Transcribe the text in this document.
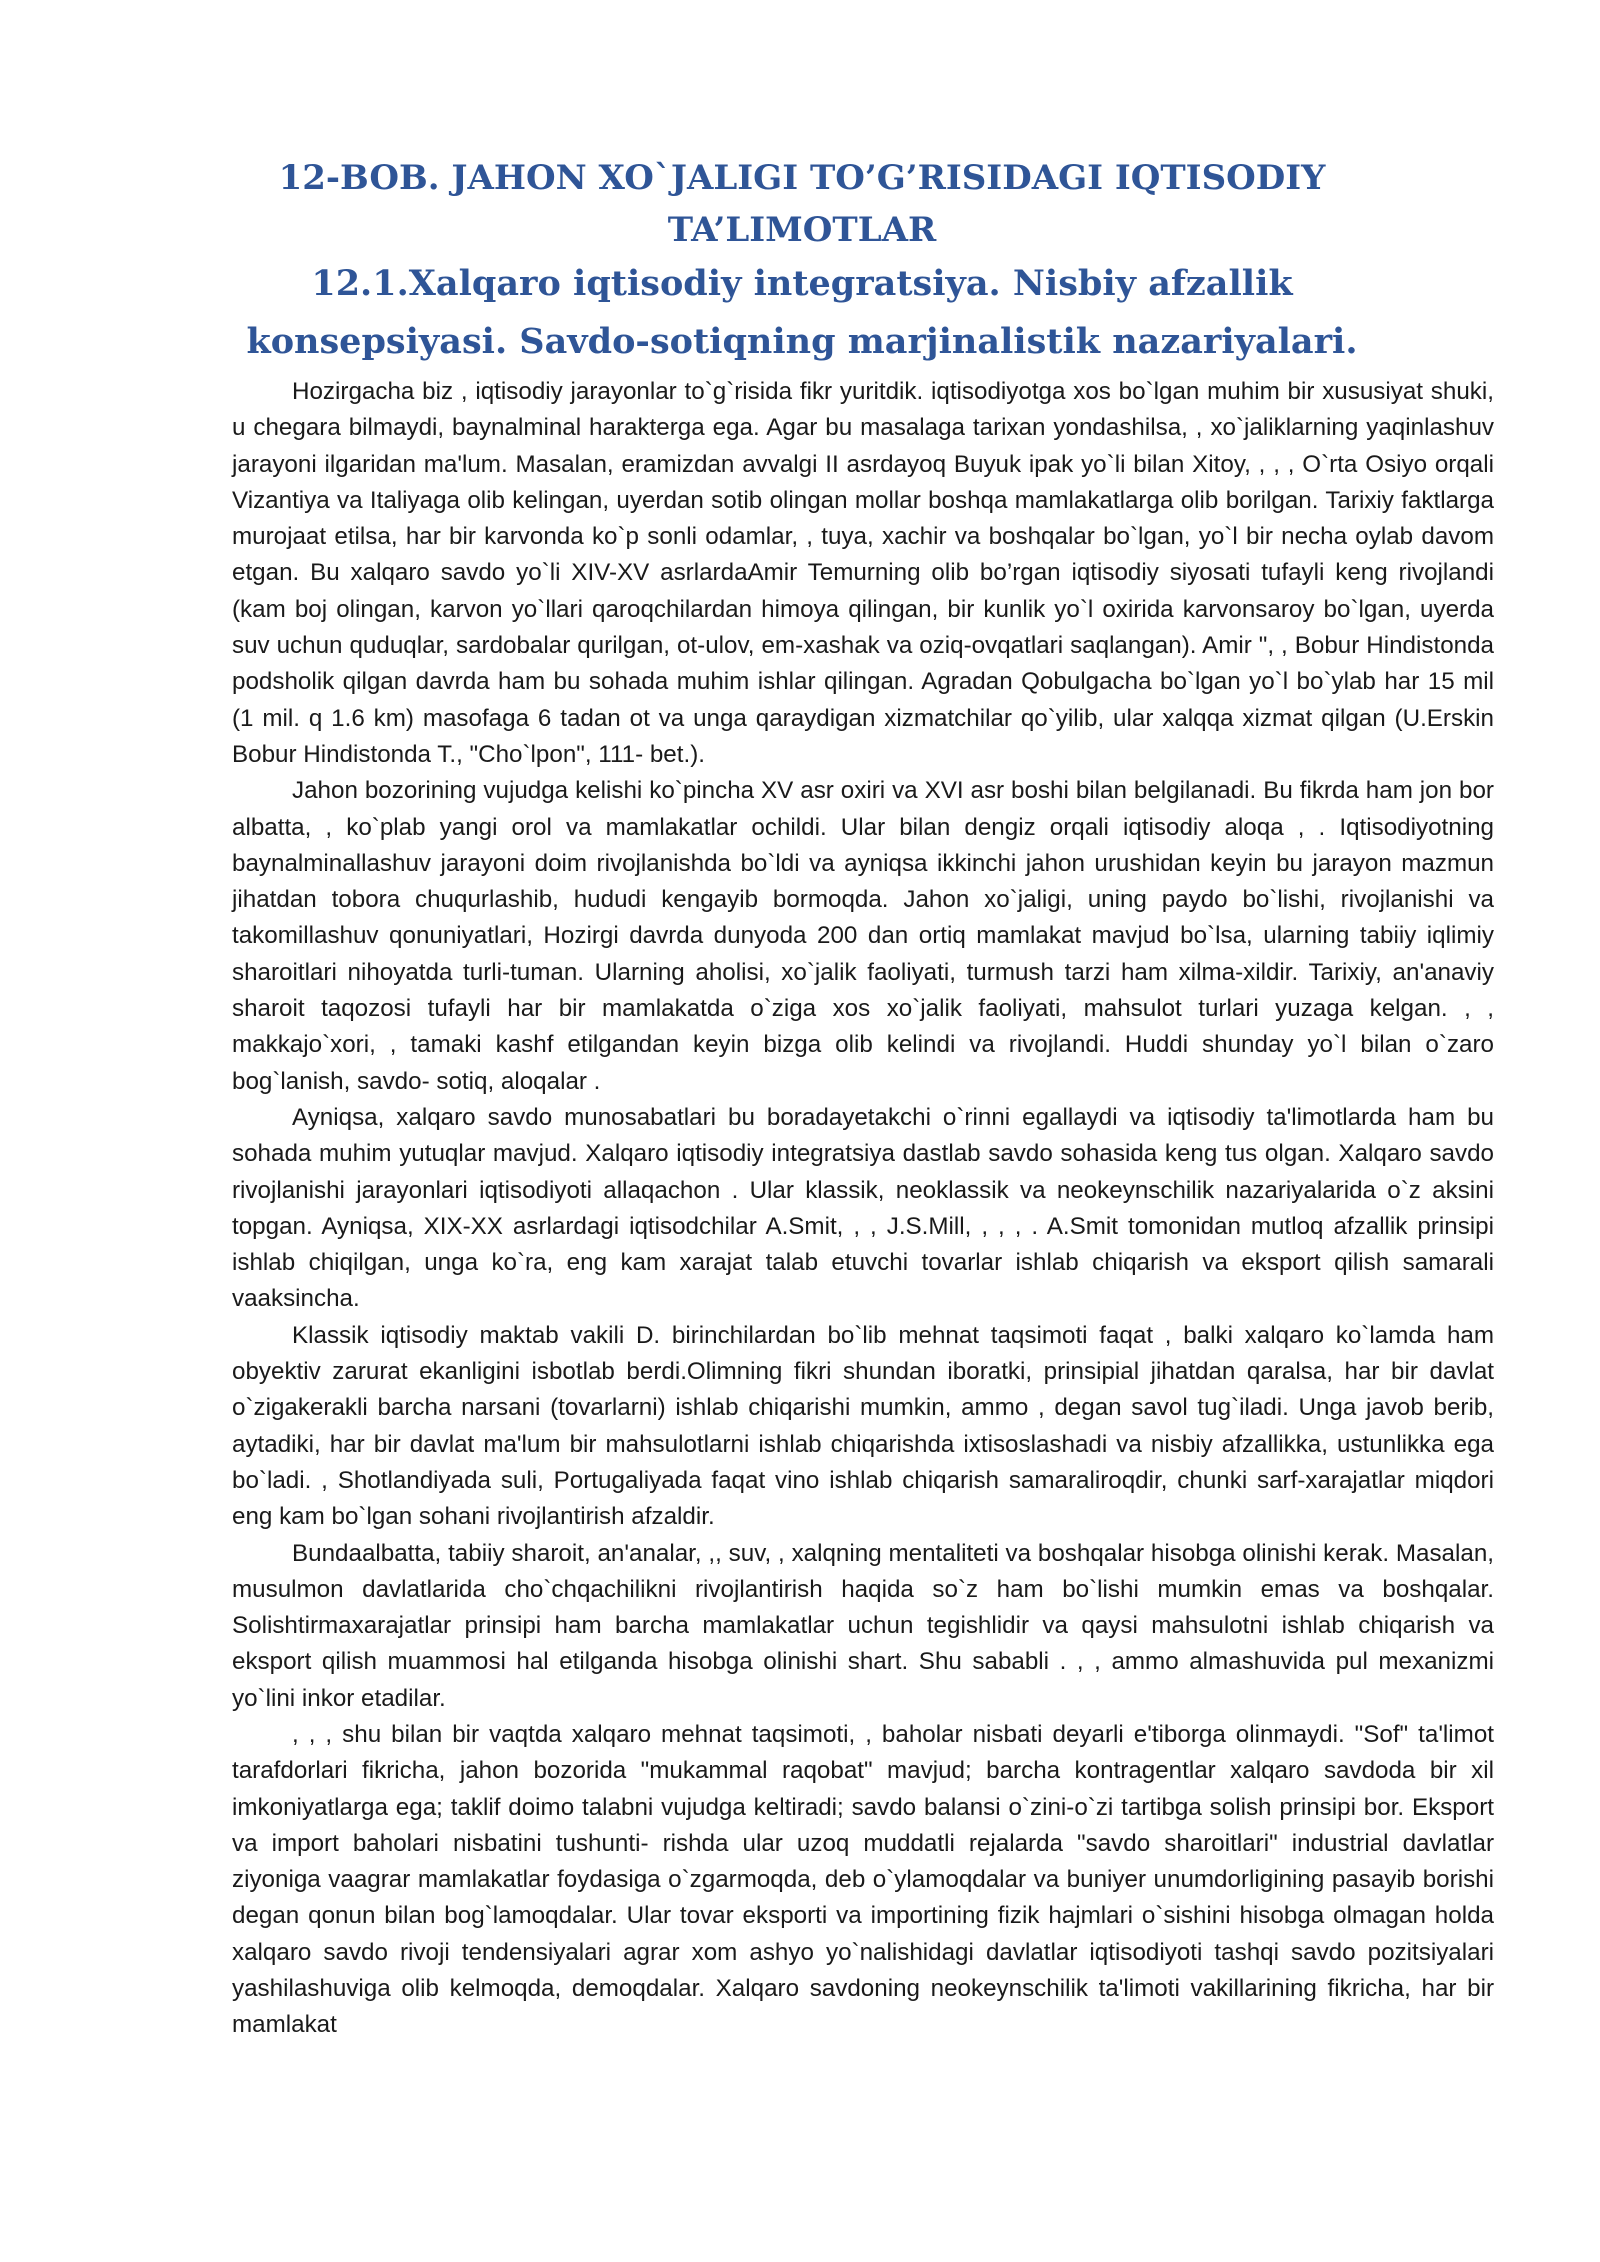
12-BOB. JAHON XO`JALIGI TO’G’RISIDAGI IQTISODIY TA’LIMOTLAR
12.1.Xalqaro iqtisodiy integratsiya. Nisbiy afzallik konsepsiyasi. Savdo-sotiqning marjinalistik nazariyalari.

Hozirgacha biz , iqtisodiy jarayonlar to`g`risida fikr yuritdik. iqtisodiyotga xos bo`lgan muhim bir xususiyat shuki, u chegara bilmaydi, baynalminal harakterga ega. Agar bu masalaga tarixan yondashilsa, , xo`jaliklarning yaqinlashuv jarayoni ilgaridan ma'lum. Masalan, eramizdan avvalgi II asrdayoq Buyuk ipak yo`li bilan Xitoy, , , , O`rta Osiyo orqali Vizantiya va Italiyaga olib kelingan, uyerdan sotib olingan mollar boshqa mamlakatlarga olib borilgan. Tarixiy faktlarga murojaat etilsa, har bir karvonda ko`p sonli odamlar, , tuya, xachir va boshqalar bo`lgan, yo`l bir necha oylab davom etgan. Bu xalqaro savdo yo`li XIV-XV asrlardaAmir Temurning olib bo’rgan iqtisodiy siyosati tufayli keng rivojlandi (kam boj olingan, karvon yo`llari qaroqchilardan himoya qilingan, bir kunlik yo`l oxirida karvonsaroy bo`lgan, uyerda suv uchun quduqlar, sardobalar qurilgan, ot-ulov, em-xashak va oziq-ovqatlari saqlangan). Amir ", , Bobur Hindistonda podsholik qilgan davrda ham bu sohada muhim ishlar qilingan. Agradan Qobulgacha bo`lgan yo`l bo`ylab har 15 mil (1 mil. q 1.6 km) masofaga 6 tadan ot va unga qaraydigan xizmatchilar qo`yilib, ular xalqqa xizmat qilgan (U.Erskin Bobur Hindistonda T., "Cho`lpon", 111- bet.).

Jahon bozorining vujudga kelishi ko`pincha XV asr oxiri va XVI asr boshi bilan belgilanadi. Bu fikrda ham jon bor albatta, , ko`plab yangi orol va mamlakatlar ochildi. Ular bilan dengiz orqali iqtisodiy aloqa , . Iqtisodiyotning baynalminallashuv jarayoni doim rivojlanishda bo`ldi va ayniqsa ikkinchi jahon urushidan keyin bu jarayon mazmun jihatdan tobora chuqurlashib, hududi kengayib bormoqda. Jahon xo`jaligi, uning paydo bo`lishi, rivojlanishi va takomillashuv qonuniyatlari, Hozirgi davrda dunyoda 200 dan ortiq mamlakat mavjud bo`lsa, ularning tabiiy iqlimiy sharoitlari nihoyatda turli-tuman. Ularning aholisi, xo`jalik faoliyati, turmush tarzi ham xilma-xildir. Tarixiy, an'anaviy sharoit taqozosi tufayli har bir mamlakatda o`ziga xos xo`jalik faoliyati, mahsulot turlari yuzaga kelgan. , , makkajo`xori, , tamaki kashf etilgandan keyin bizga olib kelindi va rivojlandi. Huddi shunday yo`l bilan o`zaro bog`lanish, savdo- sotiq, aloqalar .

Ayniqsa, xalqaro savdo munosabatlari bu boradayetakchi o`rinni egallaydi va iqtisodiy ta'limotlarda ham bu sohada muhim yutuqlar mavjud. Xalqaro iqtisodiy integratsiya dastlab savdo sohasida keng tus olgan. Xalqaro savdo rivojlanishi jarayonlari iqtisodiyoti allaqachon . Ular klassik, neoklassik va neokeynschilik nazariyalarida o`z aksini topgan. Ayniqsa, XIX-XX asrlardagi iqtisodchilar A.Smit, , , J.S.Mill, , , , . A.Smit tomonidan mutloq afzallik prinsipi ishlab chiqilgan, unga ko`ra, eng kam xarajat talab etuvchi tovarlar ishlab chiqarish va eksport qilish samarali vaaksincha.

Klassik iqtisodiy maktab vakili D. birinchilardan bo`lib mehnat taqsimoti faqat , balki xalqaro ko`lamda ham obyektiv zarurat ekanligini isbotlab berdi.Olimning fikri shundan iboratki, prinsipial jihatdan qaralsa, har bir davlat o`zigakerakli barcha narsani (tovarlarni) ishlab chiqarishi mumkin, ammo , degan savol tug`iladi. Unga javob berib, aytadiki, har bir davlat ma'lum bir mahsulotlarni ishlab chiqarishda ixtisoslashadi va nisbiy afzallikka, ustunlikka ega bo`ladi. , Shotlandiyada suli, Portugaliyada faqat vino ishlab chiqarish samaraliroqdir, chunki sarf-xarajatlar miqdori eng kam bo`lgan sohani rivojlantirish afzaldir.

Bundaalbatta, tabiiy sharoit, an'analar, ,, suv, , xalqning mentaliteti va boshqalar hisobga olinishi kerak. Masalan, musulmon davlatlarida cho`chqachilikni rivojlantirish haqida so`z ham bo`lishi mumkin emas va boshqalar. Solishtirmaxarajatlar prinsipi ham barcha mamlakatlar uchun tegishlidir va qaysi mahsulotni ishlab chiqarish va eksport qilish muammosi hal etilganda hisobga olinishi shart. Shu sababli . , , ammo almashuvida pul mexanizmi yo`lini inkor etadilar.

, , , shu bilan bir vaqtda xalqaro mehnat taqsimoti, , baholar nisbati deyarli e'tiborga olinmaydi. "Sof" ta'limot tarafdorlari fikricha, jahon bozorida "mukammal raqobat" mavjud; barcha kontragentlar xalqaro savdoda bir xil imkoniyatlarga ega; taklif doimo talabni vujudga keltiradi; savdo balansi o`zini-o`zi tartibga solish prinsipi bor. Eksport va import baholari nisbatini tushunti- rishda ular uzoq muddatli rejalarda "savdo sharoitlari" industrial davlatlar ziyoniga vaagrar mamlakatlar foydasiga o`zgarmoqda, deb o`ylamoqdalar va buniyer unumdorligining pasayib borishi degan qonun bilan bog`lamoqdalar. Ular tovar eksporti va importining fizik hajmlari o`sishini hisobga olmagan holda xalqaro savdo rivoji tendensiyalari agrar xom ashyo yo`nalishidagi davlatlar iqtisodiyoti tashqi savdo pozitsiyalari yashilashuviga olib kelmoqda, demoqdalar. Xalqaro savdoning neokeynschilik ta'limoti vakillarining fikricha, har bir mamlakat
